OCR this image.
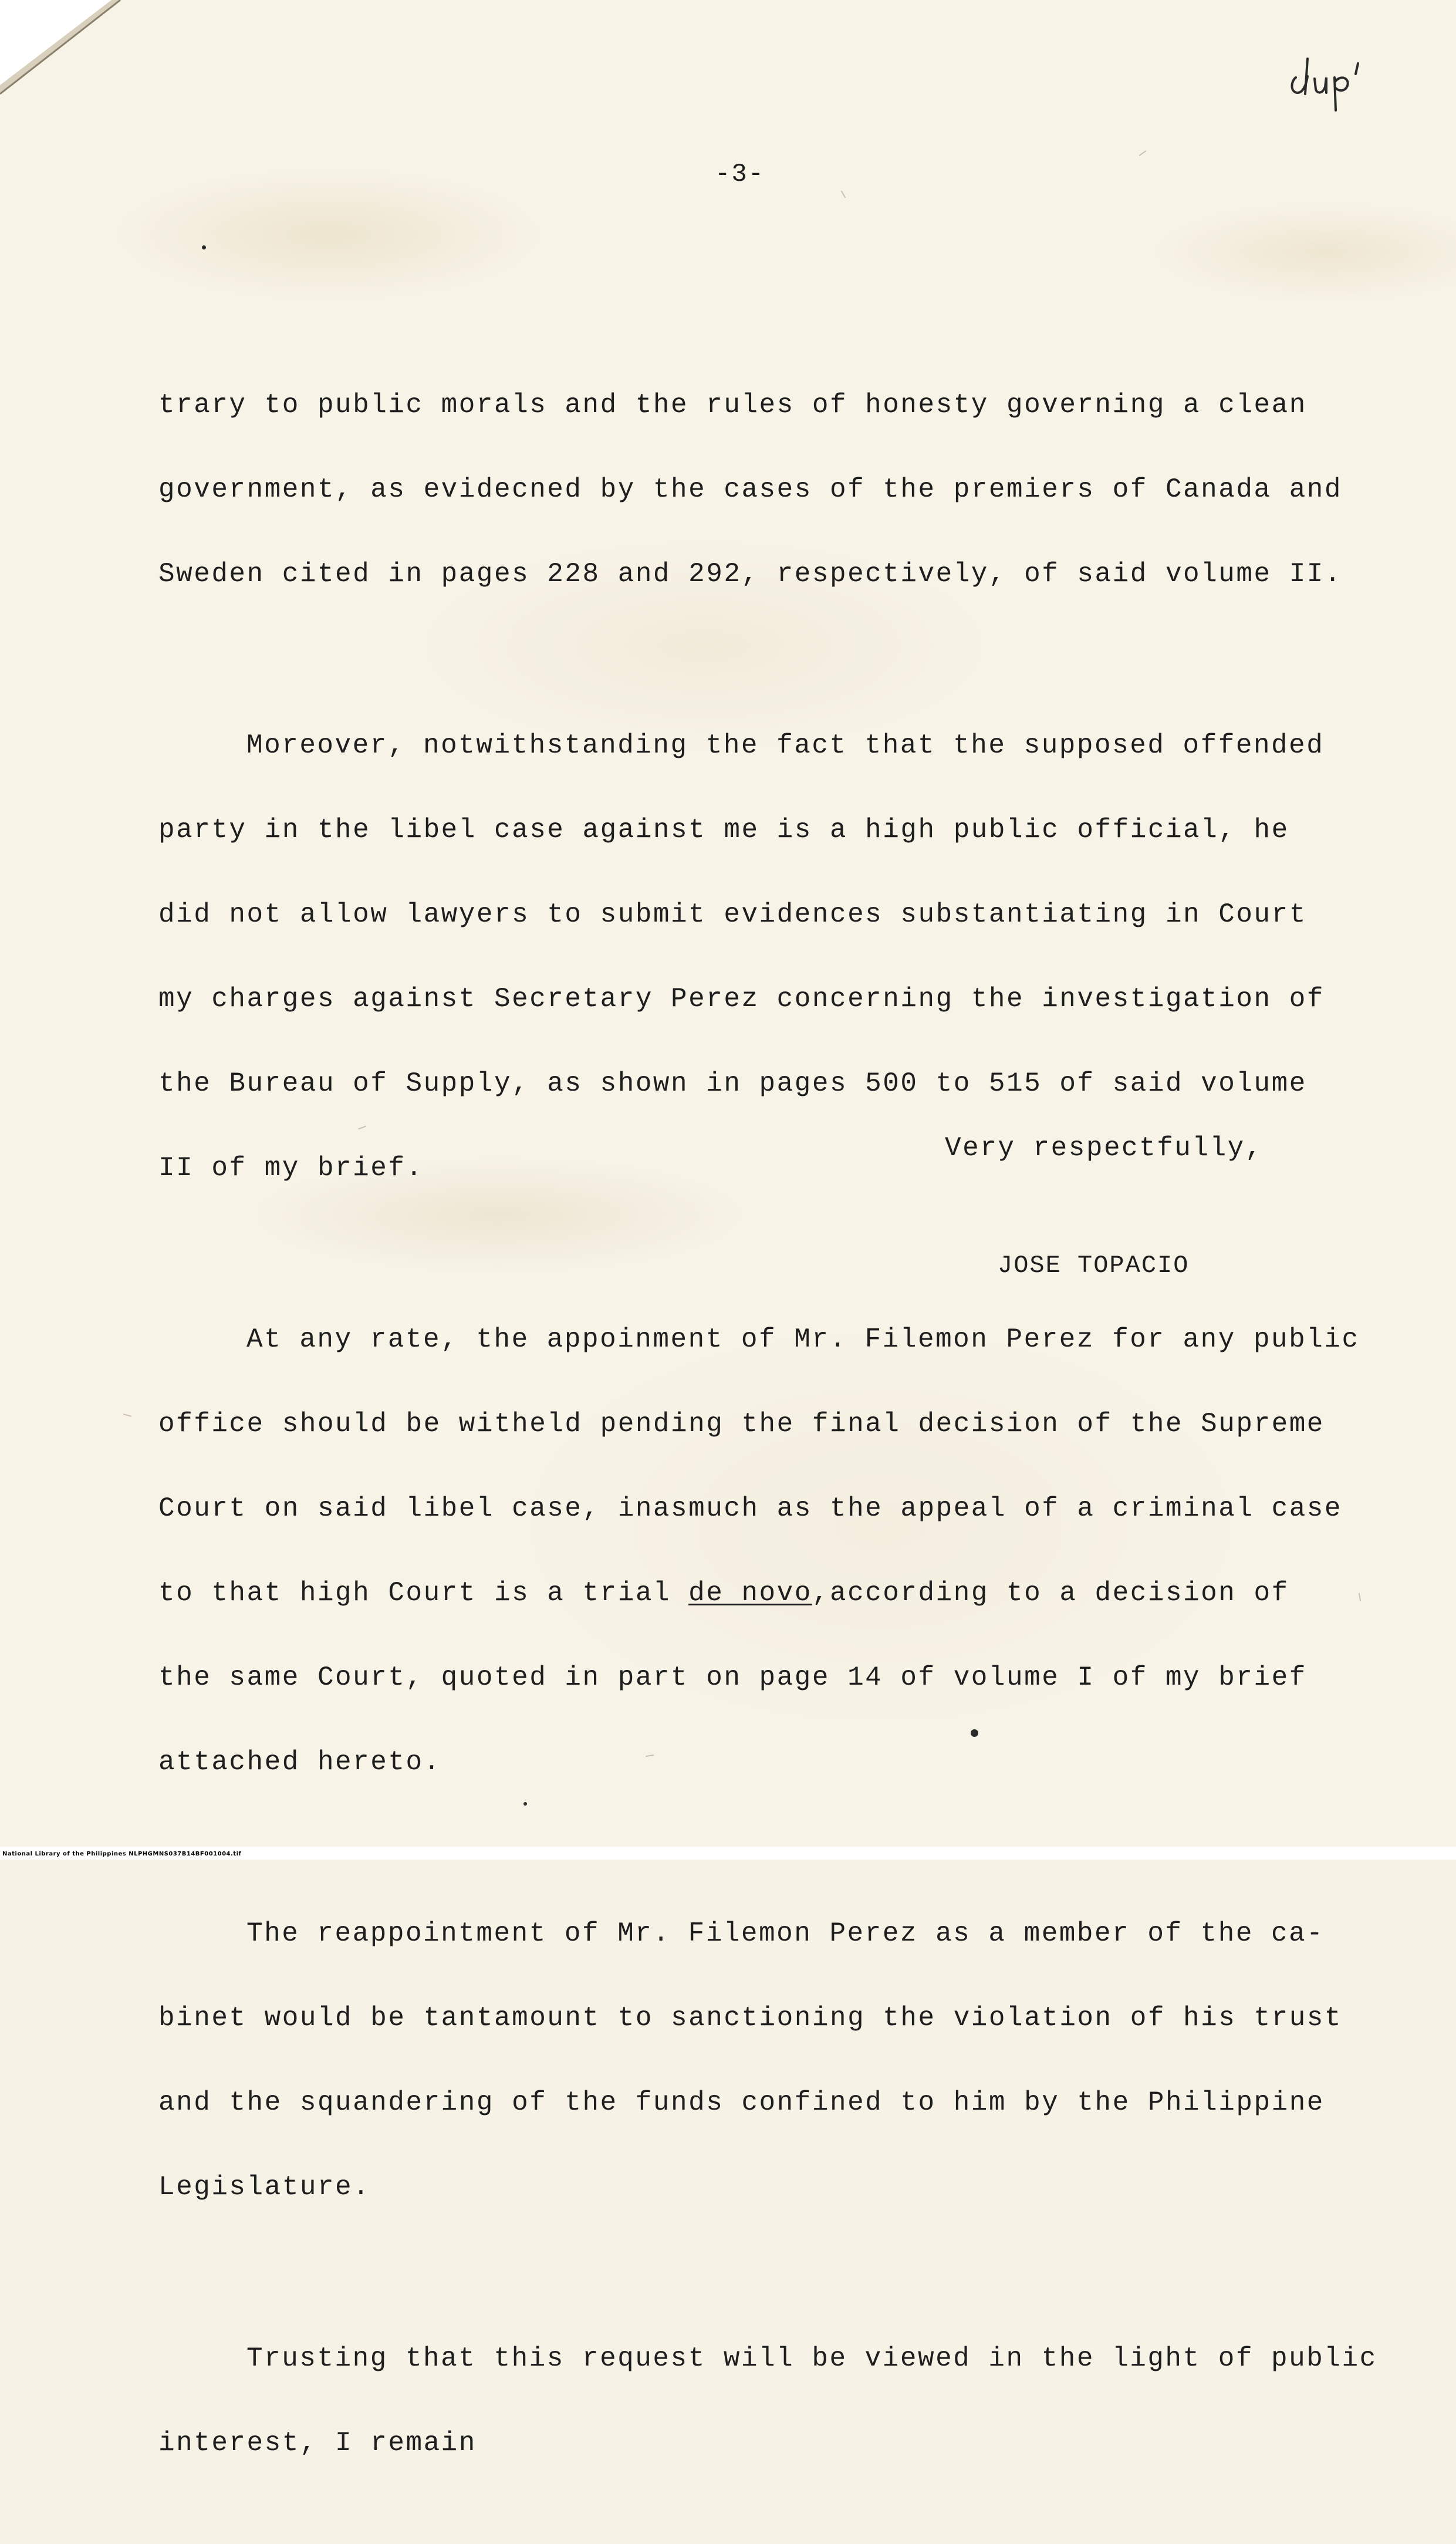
dup'
-3-

trary to public morals and the rules of honesty governing a clean

government, as evidecned by the cases of the premiers of Canada and

Sweden cited in pages 228 and 292, respectively, of said volume II.

Moreover, notwithstanding the fact that the supposed offended

party in the libel case against me is a high public official, he

did not allow lawyers to submit evidences substantiating in Court

my charges against Secretary Perez concerning the investigation of

the Bureau of Supply, as shown in pages 500 to 515 of said volume

II of my brief.

At any rate, the appoinment of Mr. Filemon Perez for any public

office should be witheld pending the final decision of the Supreme

Court on said libel case, inasmuch as the appeal of a criminal case

to that high Court is a trial de novo,according to a decision of

the same Court, quoted in part on page 14 of volume I of my brief

attached hereto.

The reappointment of Mr. Filemon Perez as a member of the ca-

binet would be tantamount to sanctioning the violation of his trust

and the squandering of the funds confined to him by the Philippine

Legislature.

Trusting that this request will be viewed in the light of public

interest, I remain

Very respectfully,
JOSE TOPACIO
National Library of the Philippines NLPHGMNS037B14BF001004.tif
